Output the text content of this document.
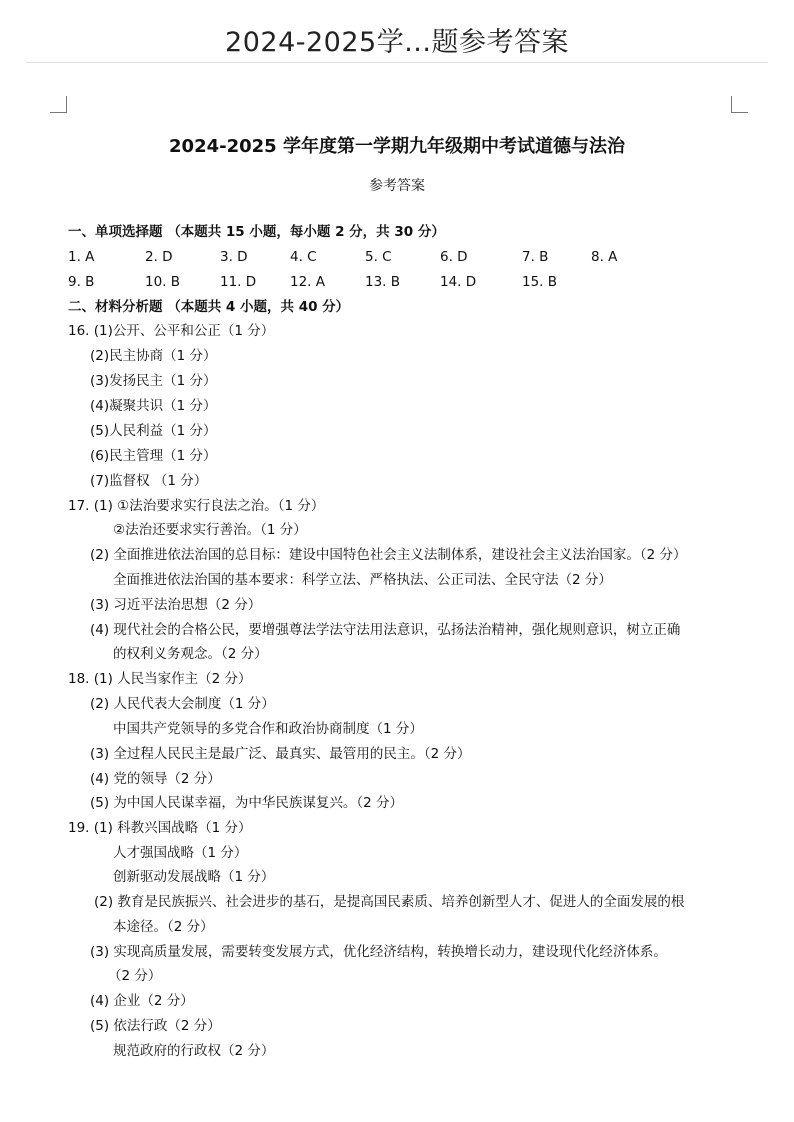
2024-2025学...题参考答案
2024-2025 学年度第一学期九年级期中考试道德与法治
参考答案
一、单项选择题 （本题共 15 小题，每小题 2 分，共 30 分）
1. A	2. D	3. D	4. C	5. C	6. D	7. B	8. A
9. B	10. B	11. D	12. A	13. B	14. D	15. B
二、材料分析题 （本题共 4 小题，共 40 分）
16. (1)公开、公平和公正（1 分）
(2)民主协商（1 分）
(3)发扬民主（1 分）
(4)凝聚共识（1 分）
(5)人民利益（1 分）
(6)民主管理（1 分）
(7)监督权 （1 分）
17. (1) ①法治要求实行良法之治。（1 分）
②法治还要求实行善治。（1 分）
(2) 全面推进依法治国的总目标：建设中国特色社会主义法制体系，建设社会主义法治国家。（2 分）
全面推进依法治国的基本要求：科学立法、严格执法、公正司法、全民守法（2 分）
(3) 习近平法治思想（2 分）
(4) 现代社会的合格公民，要增强尊法学法守法用法意识，弘扬法治精神，强化规则意识，树立正确
的权利义务观念。（2 分）
18. (1) 人民当家作主（2 分）
(2) 人民代表大会制度（1 分）
中国共产党领导的多党合作和政治协商制度（1 分）
(3) 全过程人民民主是最广泛、最真实、最管用的民主。（2 分）
(4) 党的领导（2 分）
(5) 为中国人民谋幸福，为中华民族谋复兴。（2 分）
19. (1) 科教兴国战略（1 分）
人才强国战略（1 分）
创新驱动发展战略（1 分）
(2) 教育是民族振兴、社会进步的基石，是提高国民素质、培养创新型人才、促进人的全面发展的根
本途径。（2 分）
(3) 实现高质量发展，需要转变发展方式，优化经济结构，转换增长动力，建设现代化经济体系。
（2 分）
(4) 企业（2 分）
(5) 依法行政（2 分）
规范政府的行政权（2 分）
